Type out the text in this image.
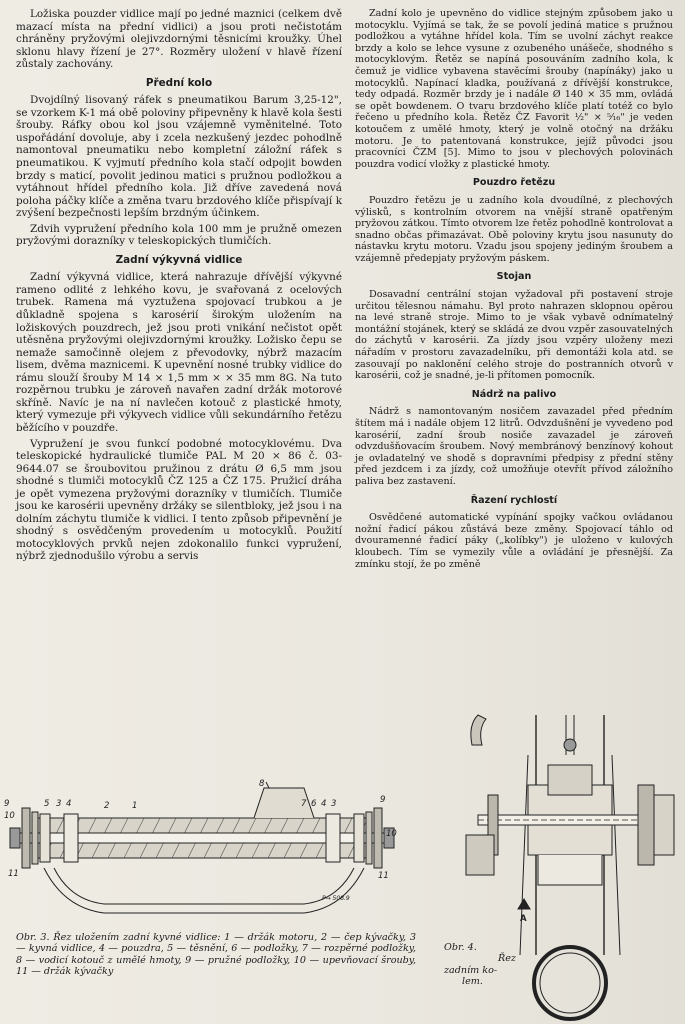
Ložiska pouzder vidlice mají po jedné maznici (celkem dvě mazací místa na přední vidlici) a jsou proti nečistotám chráněny pryžovými olejivzdornými těsnicími kroužky. Úhel sklonu hlavy řízení je 27°. Rozměry uložení v hlavě řízení zůstaly zachovány.

Přední kolo

Dvojdílný lisovaný ráfek s pneumatikou Barum 3,25-12", se vzorkem K-1 má obě poloviny připevněny k hlavě kola šesti šrouby. Ráfky obou kol jsou vzájemně vyměnitelné. Toto uspořádání dovoluje, aby i zcela nezkušený jezdec pohodlně namontoval pneumatiku nebo kompletní záložní ráfek s pneumatikou. K vyjmutí předního kola stačí odpojit bowden brzdy s maticí, povolit jedinou matici s pružnou podložkou a vytáhnout hřídel předního kola. Již dříve zavedená nová poloha páčky klíče a změna tvaru brzdového klíče přispívají k zvýšení bezpečnosti lepším brzdným účinkem.

Zdvih vypružení předního kola 100 mm je pružně omezen pryžovými dorazníky v teleskopických tlumičích.

Zadní výkyvná vidlice

Zadní výkyvná vidlice, která nahrazuje dřívější výkyvné rameno odlité z lehkého kovu, je svařovaná z ocelových trubek. Ramena má vyztužena spojovací trubkou a je důkladně spojena s karosérií širokým uložením na ložiskových pouzdrech, jež jsou proti vnikání nečistot opět utěsněna pryžovými olejivzdornými kroužky. Ložisko čepu se nemaže samočinně olejem z převodovky, nýbrž mazacím lisem, dvěma maznicemi. K upevnění nosné trubky vidlice do rámu slouží šrouby M 14 × 1,5 mm × × 35 mm 8G. Na tuto rozpěrnou trubku je zároveň navařen zadní držák motorové skříně. Navíc je na ní navlečen kotouč z plastické hmoty, který vymezuje při výkyvech vidlice vůli sekundárního řetězu běžícího v pouzdře.

Vypružení je svou funkcí podobné motocyklovému. Dva teleskopické hydraulické tlumiče PAL M 20 × 86 č. 03-9644.07 se šroubovitou pružinou z drátu Ø 6,5 mm jsou shodné s tlumiči motocyklů ČZ 125 a ČZ 175. Pružicí dráha je opět vymezena pryžovými dorazníky v tlumičích. Tlumiče jsou ke karosérii upevněny držáky se silentbloky, jež jsou i na dolním záchytu tlumiče k vidlici. I tento způsob připevnění je shodný s osvědčeným provedením u motocyklů. Použití motocyklových prvků nejen zdokonalilo funkci vypružení, nýbrž zjednodušilo výrobu a servis

Zadní kolo je upevněno do vidlice stejným způsobem jako u motocyklu. Vyjímá se tak, že se povolí jediná matice s pružnou podložkou a vytáhne hřídel kola. Tím se uvolní záchyt reakce brzdy a kolo se lehce vysune z ozubeného unášeče, shodného s motocyklovým. Řetěz se napíná posouváním zadního kola, k čemuž je vidlice vybavena stavěcími šrouby (napínáky) jako u motocyklů. Napínací kladka, používaná z dřívější konstrukce, tedy odpadá. Rozměr brzdy je i nadále Ø 140 × 35 mm, ovládá se opět bowdenem. O tvaru brzdového klíče platí totéž co bylo řečeno u předního kola. Řetěz ČZ Favorit ½" × ⁵⁄₁₆" je veden kotoučem z umělé hmoty, který je volně otočný na držáku motoru. Je to patentovaná konstrukce, jejíž původci jsou pracovníci ČZM [5]. Mimo to jsou v plechových polovinách pouzdra vodicí vložky z plastické hmoty.

Pouzdro řetězu

Pouzdro řetězu je u zadního kola dvoudílné, z plechových výlisků, s kontrolním otvorem na vnější straně opatřeným pryžovou zátkou. Tímto otvorem lze řetěz pohodlně kontrolovat a snadno občas přimazávat. Obě poloviny krytu jsou nasunuty do nástavku krytu motoru. Vzadu jsou spojeny jediným šroubem a vzájemně předepjaty pryžovým páskem.

Stojan

Dosavadní centrální stojan vyžadoval při postavení stroje určitou tělesnou námahu. Byl proto nahrazen sklopnou opěrou na levé straně stroje. Mimo to je však vybavě odnímatelný montážní stojánek, který se skládá ze dvou vzpěr zasouvatelných do záchytů v karosérii. Za jízdy jsou vzpěry uloženy mezi nářadím v prostoru zavazadelníku, při demontáži kola atd. se zasouvají po naklonění celého stroje do postranních otvorů v karosérii, což je snadné, je-li přítomen pomocník.

Nádrž na palivo

Nádrž s namontovaným nosičem zavazadel před předním štítem má i nadále objem 12 litrů. Odvzdušnění je vyvedeno pod karosérií, zadní šroub nosiče zavazadel je zároveň odvzdušňovacím šroubem. Nový membránový benzínový kohout je ovladatelný ve shodě s dopravními předpisy z přední stěny před jezdcem i za jízdy, což umožňuje otevřít přívod záložního paliva bez zastavení.

Řazení rychlostí

Osvědčené automatické vypínání spojky vačkou ovládanou nožní řadicí pákou zůstává beze změny. Spojovací táhlo od dvouramenné řadicí páky („kolíbky") je uloženo v kulových kloubech. Tím se vymezily vůle a ovládání je přesnější. Za zmínku stojí, že po změně

9
10
11
5 3 4	2	1
8
7 6 4 3	9
10
11
P→ 508.9
Obr. 3. Řez uložením zadní kyvné vidlice: 1 — držák motoru, 2 — čep kývačky, 3 — kyvná vidlice, 4 — pouzdra, 5 — těsnění, 6 — podložky, 7 — rozpěrné podložky, 8 — vodicí kotouč z umělé hmoty, 9 — pružné podložky, 10 — upevňovací šrouby, 11 — držák kývačky
A
Obr. 4.
Řez
zadním ko-
lem.
